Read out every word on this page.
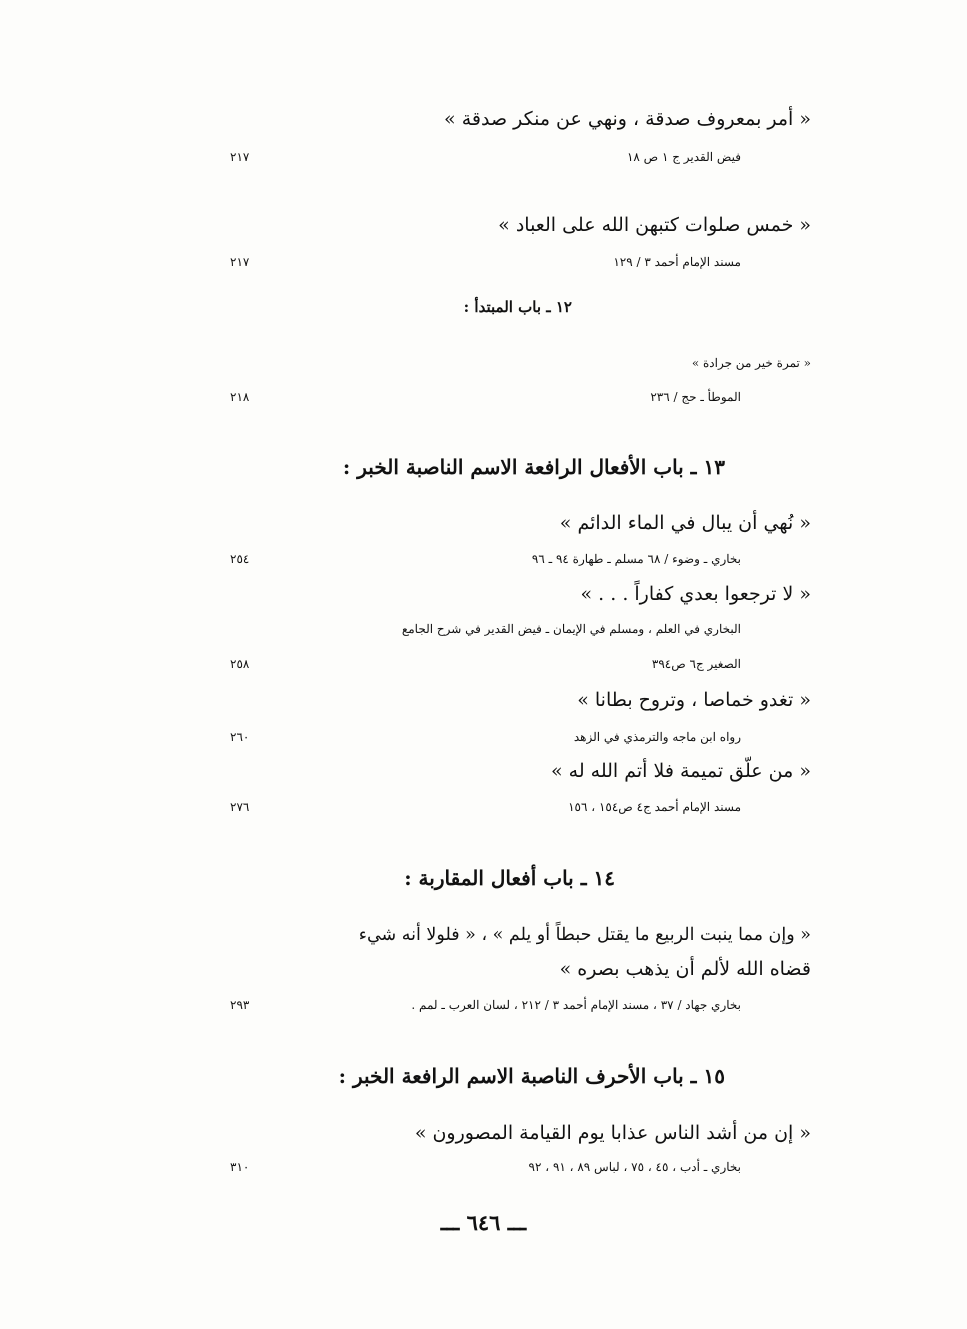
« أمر بمعروف صدقة ، ونهي عن منكر صدقة »
فيض القدير ج ١ ص ١٨
٢١٧
« خمس صلوات كتبهن الله على العباد »
مسند الإمام أحمد ٣ / ١٢٩
٢١٧
١٢ ـ باب المبتدأ :
« تمرة خير من جرادة »
الموطأ ـ حج / ٢٣٦
٢١٨
١٣ ـ باب الأفعال الرافعة الاسم الناصبة الخبر :
« نُهي أن يبال في الماء الدائم »
بخاري ـ وضوء / ٦٨ مسلم ـ طهارة ٩٤ ـ ٩٦
٢٥٤
« لا ترجعوا بعدي كفاراً . . . »
البخاري في العلم ، ومسلم في الإيمان ـ فيض القدير في شرح الجامع
الصغير ج٦ ص٣٩٤
٢٥٨
« تغدو خماصا ، وتروح بطانا »
رواه ابن ماجه والترمذي في الزهد
٢٦٠
« من علّق تميمة فلا أتم الله له »
مسند الإمام أحمد ج٤ ص١٥٤ ، ١٥٦
٢٧٦
١٤ ـ باب أفعال المقاربة :
« وإن مما ينبت الربيع ما يقتل حبطاً أو يلم » ، « فلولا أنه شيء
قضاه الله لألم أن يذهب بصره »
بخاري جهاد / ٣٧ ، مسند الإمام أحمد ٣ / ٢١٢ ، لسان العرب ـ لمم .
٢٩٣
١٥ ـ باب الأحرف الناصبة الاسم الرافعة الخبر :
« إن من أشد الناس عذابا يوم القيامة المصورون »
بخاري ـ أدب ، ٤٥ ، ٧٥ ، لباس ٨٩ ، ٩١ ، ٩٢
٣١٠
ـــ ٦٤٦ ـــ
